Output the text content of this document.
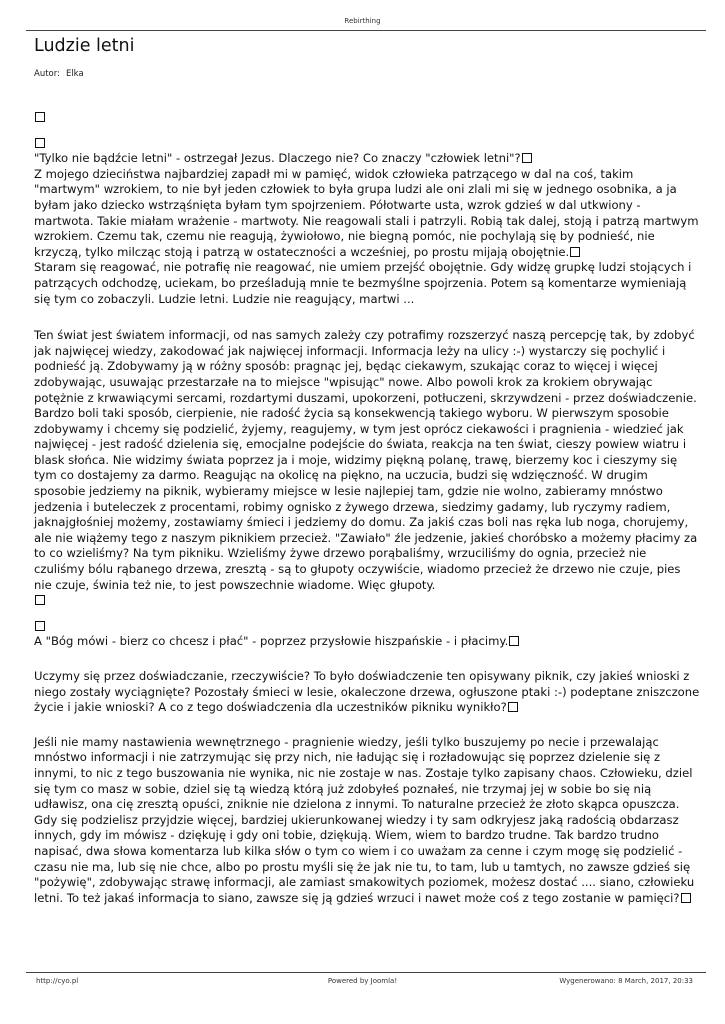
Rebirthing
Ludzie letni
Autor: Elka

"Tylko nie bądźcie letni" - ostrzegał Jezus. Dlaczego nie? Co znaczy "człowiek letni"?

Z mojego dzieciństwa najbardziej zapadł mi w pamięć, widok człowieka patrzącego w dal na coś, takim "martwym" wzrokiem, to nie był jeden człowiek to była grupa ludzi ale oni zlali mi się w jednego osobnika, a ja byłam jako dziecko wstrząśnięta byłam tym spojrzeniem. Półotwarte usta, wzrok gdzieś w dal utkwiony - martwota. Takie miałam wrażenie - martwoty. Nie reagowali stali i patrzyli. Robią tak dalej, stoją i patrzą martwym wzrokiem. Czemu tak, czemu nie reagują, żywiołowo, nie biegną pomóc, nie pochylają się by podnieść, nie krzyczą, tylko milcząc stoją i patrzą w ostateczności a wcześniej, po prostu mijają obojętnie.

Staram się reagować, nie potrafię nie reagować, nie umiem przejść obojętnie. Gdy widzę grupkę ludzi stojących i patrzących odchodzę, uciekam, bo prześladują mnie te bezmyślne spojrzenia. Potem są komentarze wymieniają się tym co zobaczyli. Ludzie letni. Ludzie nie reagujący, martwi ...

Ten świat jest światem informacji, od nas samych zależy czy potrafimy rozszerzyć naszą percepcję tak, by zdobyć jak najwięcej wiedzy, zakodować jak najwięcej informacji. Informacja leży na ulicy :-) wystarczy się pochylić i podnieść ją. Zdobywamy ją w różny sposób: pragnąc jej, będąc ciekawym, szukając coraz to więcej i więcej zdobywając, usuwając przestarzałe na to miejsce "wpisując" nowe. Albo powoli krok za krokiem obrywając potężnie z krwawiącymi sercami, rozdartymi duszami, upokorzeni, potłuczeni, skrzywdzeni - przez doświadczenie. Bardzo boli taki sposób, cierpienie, nie radość życia są konsekwencją takiego wyboru. W pierwszym sposobie zdobywamy i chcemy się podzielić, żyjemy, reagujemy, w tym jest oprócz ciekawości i pragnienia - wiedzieć jak najwięcej - jest radość dzielenia się, emocjalne podejście do świata, reakcja na ten świat, cieszy powiew wiatru i blask słońca. Nie widzimy świata poprzez ja i moje, widzimy piękną polanę, trawę, bierzemy koc i cieszymy się tym co dostajemy za darmo. Reagując na okolicę na piękno, na uczucia, budzi się wdzięczność. W drugim sposobie jedziemy na piknik, wybieramy miejsce w lesie najlepiej tam, gdzie nie wolno, zabieramy mnóstwo jedzenia i buteleczek z procentami, robimy ognisko z żywego drzewa, siedzimy gadamy, lub ryczymy radiem, jaknajgłośniej możemy, zostawiamy śmieci i jedziemy do domu. Za jakiś czas boli nas ręka lub noga, chorujemy, ale nie wiążemy tego z naszym piknikiem przecież. "Zawiało" źle jedzenie, jakieś choróbsko a możemy płacimy za to co wzieliśmy? Na tym pikniku. Wzieliśmy żywe drzewo porąbaliśmy, wrzuciliśmy do ognia, przecież nie czuliśmy bólu rąbanego drzewa, zresztą - są to głupoty oczywiście, wiadomo przecież że drzewo nie czuje, pies nie czuje, świnia też nie, to jest powszechnie wiadome. Więc głupoty.

A "Bóg mówi - bierz co chcesz i płać" - poprzez przysłowie hiszpańskie - i płacimy.

Uczymy się przez doświadczanie, rzeczywiście? To było doświadczenie ten opisywany piknik, czy jakieś wnioski z niego zostały wyciągnięte? Pozostały śmieci w lesie, okaleczone drzewa, ogłuszone ptaki :-) podeptane zniszczone życie i jakie wnioski? A co z tego doświadczenia dla uczestników pikniku wynikło?

Jeśli nie mamy nastawienia wewnętrznego - pragnienie wiedzy, jeśli tylko buszujemy po necie i przewalając mnóstwo informacji i nie zatrzymując się przy nich, nie ładując się i rozładowując się poprzez dzielenie się z innymi, to nic z tego buszowania nie wynika, nic nie zostaje w nas. Zostaje tylko zapisany chaos. Człowieku, dziel się tym co masz w sobie, dziel się tą wiedzą którą już zdobyłeś poznałeś, nie trzymaj jej w sobie bo się nią udławisz, ona cię zresztą opuści, zniknie nie dzielona z innymi. To naturalne przecież że złoto skąpca opuszcza. Gdy się podzielisz przyjdzie więcej, bardziej ukierunkowanej wiedzy i ty sam odkryjesz jaką radością obdarzasz innych, gdy im mówisz - dziękuję i gdy oni tobie, dziękują. Wiem, wiem to bardzo trudne. Tak bardzo trudno napisać, dwa słowa komentarza lub kilka słów o tym co wiem i co uważam za cenne i czym mogę się podzielić - czasu nie ma, lub się nie chce, albo po prostu myśli się że jak nie tu, to tam, lub u tamtych, no zawsze gdzieś się "pożywię", zdobywając strawę informacji, ale zamiast smakowitych poziomek, możesz dostać .... siano, człowieku letni. To też jakaś informacja to siano, zawsze się ją gdzieś wrzuci i nawet może coś z tego zostanie w pamięci?

http://cyo.pl	Powered by Joomla!	Wygenerowano: 8 March, 2017, 20:33
